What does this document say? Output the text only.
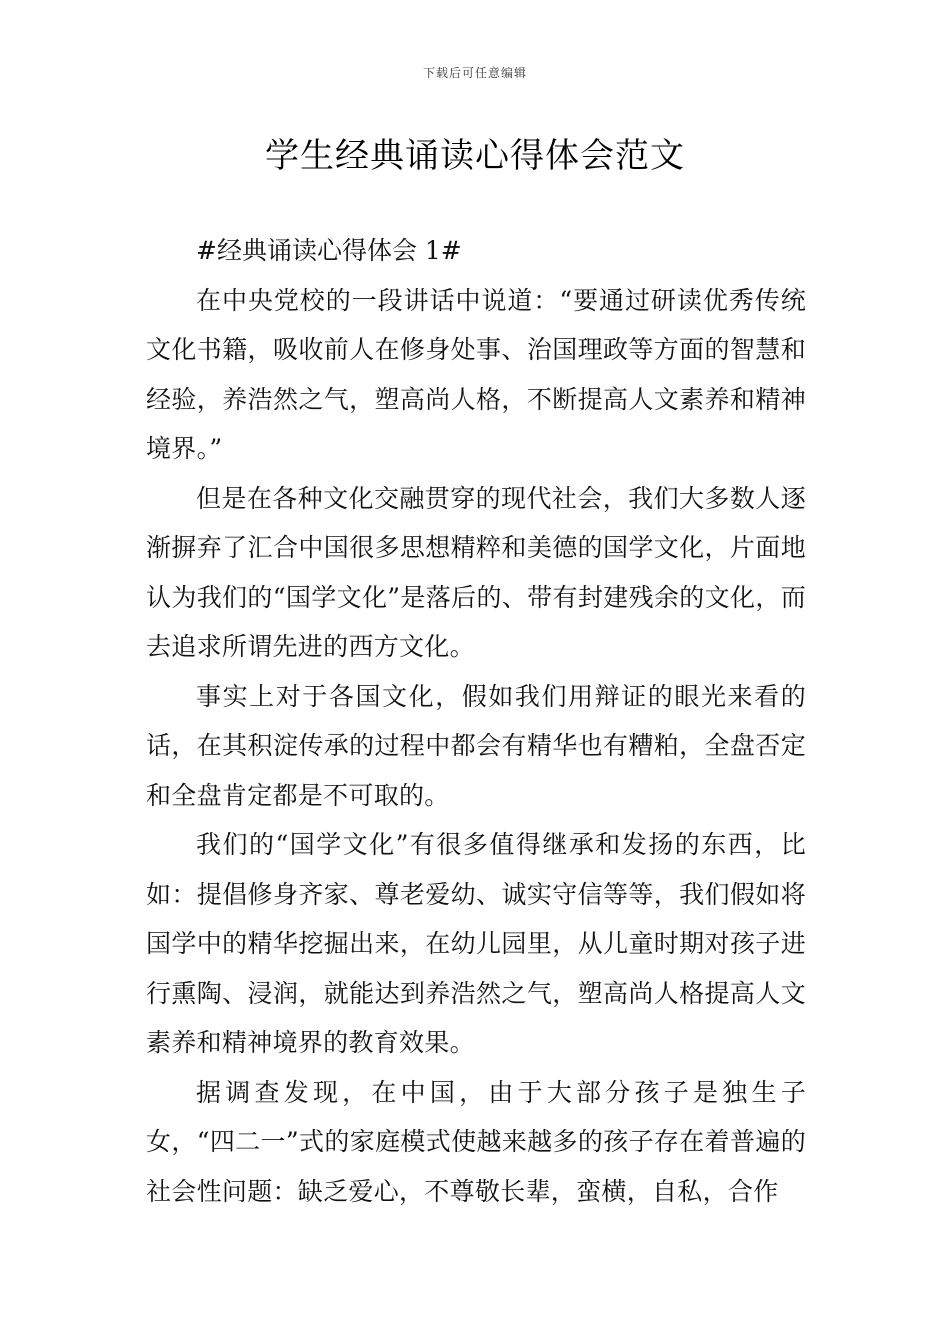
下载后可任意编辑
学生经典诵读心得体会范文

#经典诵读心得体会 1#

在中央党校的一段讲话中说道：“要通过研读优秀传统文化书籍，吸收前人在修身处事、治国理政等方面的智慧和经验，养浩然之气，塑高尚人格，不断提高人文素养和精神境界。”

但是在各种文化交融贯穿的现代社会，我们大多数人逐渐摒弃了汇合中国很多思想精粹和美德的国学文化，片面地认为我们的“国学文化”是落后的、带有封建残余的文化，而去追求所谓先进的西方文化。

事实上对于各国文化，假如我们用辩证的眼光来看的话，在其积淀传承的过程中都会有精华也有糟粕，全盘否定和全盘肯定都是不可取的。

我们的“国学文化”有很多值得继承和发扬的东西，比如：提倡修身齐家、尊老爱幼、诚实守信等等，我们假如将国学中的精华挖掘出来，在幼儿园里，从儿童时期对孩子进行熏陶、浸润，就能达到养浩然之气，塑高尚人格提高人文素养和精神境界的教育效果。

据调查发现，在中国，由于大部分孩子是独生子女，“四二一”式的家庭模式使越来越多的孩子存在着普遍的社会性问题：缺乏爱心，不尊敬长辈，蛮横，自私，合作
